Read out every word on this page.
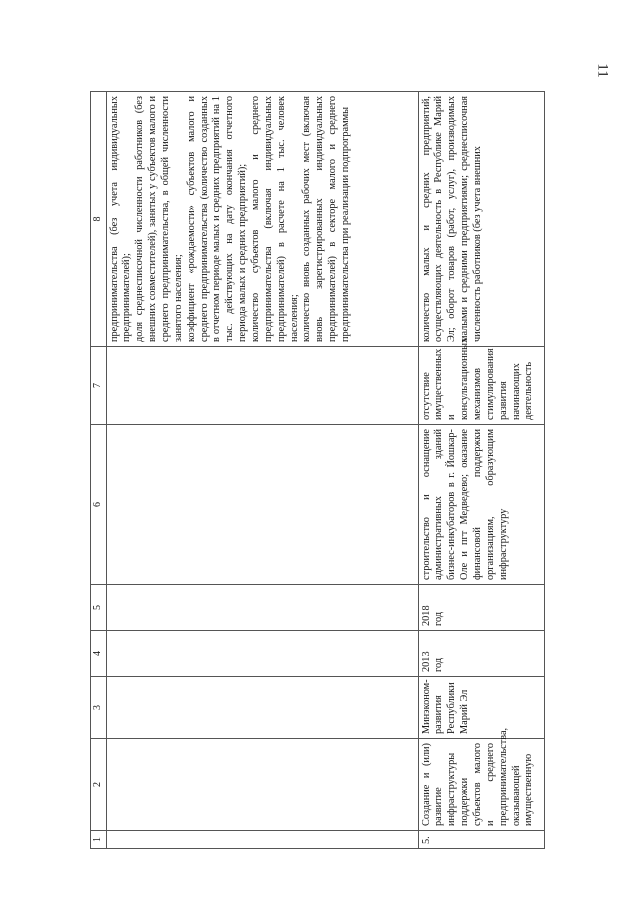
11
1	2	3	4	5	6	7	8

							предпринимательства (без учета индивидуальных предпринимателей); доля среднесписочной численности работников (без внешних совместителей), занятых у субъектов малого и среднего предпринимательства, в общей численности занятого населения; коэффициент «рождаемости» субъектов малого и среднего предпринимательства (количество созданных в отчетном периоде малых и средних предприятий на 1 тыс. действующих на дату окончания отчетного периода малых и средних предприятий); количество субъектов малого и среднего предпринимательства (включая индивидуальных предпринимателей) в расчете на 1 тыс. человек населения; количество вновь созданных рабочих мест (включая вновь зарегистрированных индивидуальных предпринимателей) в секторе малого и среднего предпринимательства при реализации подпрограммы

5.	Создание и (или) развитие инфраструктуры поддержки субъектов малого и среднего предпринимательства, оказывающей имущественную	Минэконом-развития Республики Марий Эл	2013 год	2018 год	строительство и оснащение административных зданий бизнес-инкубаторов в г. Йошкар-Оле и пгт Медведево; оказание финансовой поддержки организациям, образующим инфраструктуру	отсутствие имущественных и консультационных механизмов стимулирования развития начинающих деятельность	количество малых и средних предприятий, осуществляющих деятельность в Республике Марий Эл; оборот товаров (работ, услуг), производимых малыми и средними предприятиями; среднесписочная численность работников (без учета внешних
